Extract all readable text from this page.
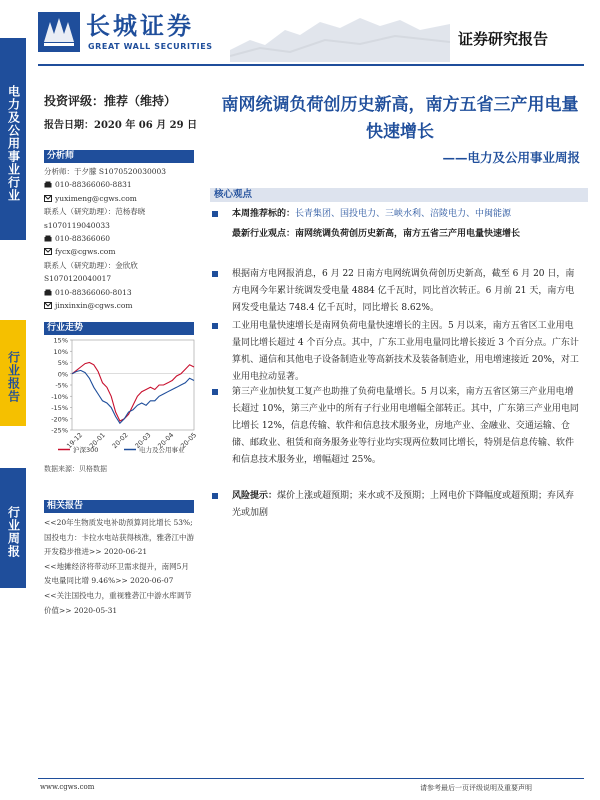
长城证券
GREAT WALL SECURITIES	证券研究报告
电力及公用事业行业
行业报告
行业周报
投资评级：推荐（维持）
报告日期：2020 年 06 月 29 日
分析师
分析师：于夕朦 S1070520030003
010-88366060-8831
yuximeng@cgws.com
联系人（研究助理）：范杨春晓
s1070119040033
010-88366060
fycx@cgws.com
联系人（研究助理）：金欣欣
S1070120040017
010-88366060-8013
jinxinxin@cgws.com
行业走势
15%
10%
5%
0%
-5%
-10%
-15%
-20%
-25%
19-12 20-01 20-02 20-03 20-04 20-05
沪深300	电力及公用事业
数据来源：贝格数据
相关报告
<<20年生物质发电补助预算同比增长 53%; 国投电力：卡拉水电站获得核准，雅砻江中游开发稳步推进>> 2020-06-21
<<地摊经济将带动环卫需求提升，南网5月发电量同比增 9.46%>> 2020-06-07
<<关注国投电力，重视雅砻江中游水库调节价值>> 2020-05-31
南网统调负荷创历史新高，南方五省三产用电量快速增长
——电力及公用事业周报
核心观点
本周推荐标的：长青集团、国投电力、三峡水利、涪陵电力、中闽能源
最新行业观点：南网统调负荷创历史新高，南方五省三产用电量快速增长
根据南方电网报消息，6 月 22 日南方电网统调负荷创历史新高，截至 6 月 20 日，南方电网今年累计统调发受电量 4884 亿千瓦时，同比首次转正。6 月前 21 天，南方电网发受电量达 748.4 亿千瓦时，同比增长 8.62%。
工业用电量快速增长是南网负荷电量快速增长的主因。5 月以来，南方五省区工业用电量同比增长超过 4 个百分点。其中，广东工业用电量同比增长接近 3 个百分点。广东计算机、通信和其他电子设备制造业等高新技术及装备制造业，用电增速接近 20%，对工业用电拉动显著。
第三产业加快复工复产也助推了负荷电量增长。5 月以来，南方五省区第三产业用电增长超过 10%，第三产业中的所有子行业用电增幅全部转正。其中，广东第三产业用电同比增长 12%，信息传输、软件和信息技术服务业，房地产业、金融业、交通运输、仓储、邮政业、租赁和商务服务业等行业均实现两位数同比增长，特别是信息传输、软件和信息技术服务业，增幅超过 25%。
风险提示：煤价上涨或超预期；来水或不及预期；上网电价下降幅度或超预期；弃风弃光或加剧
www.cgws.com	请参考最后一页评级说明及重要声明
